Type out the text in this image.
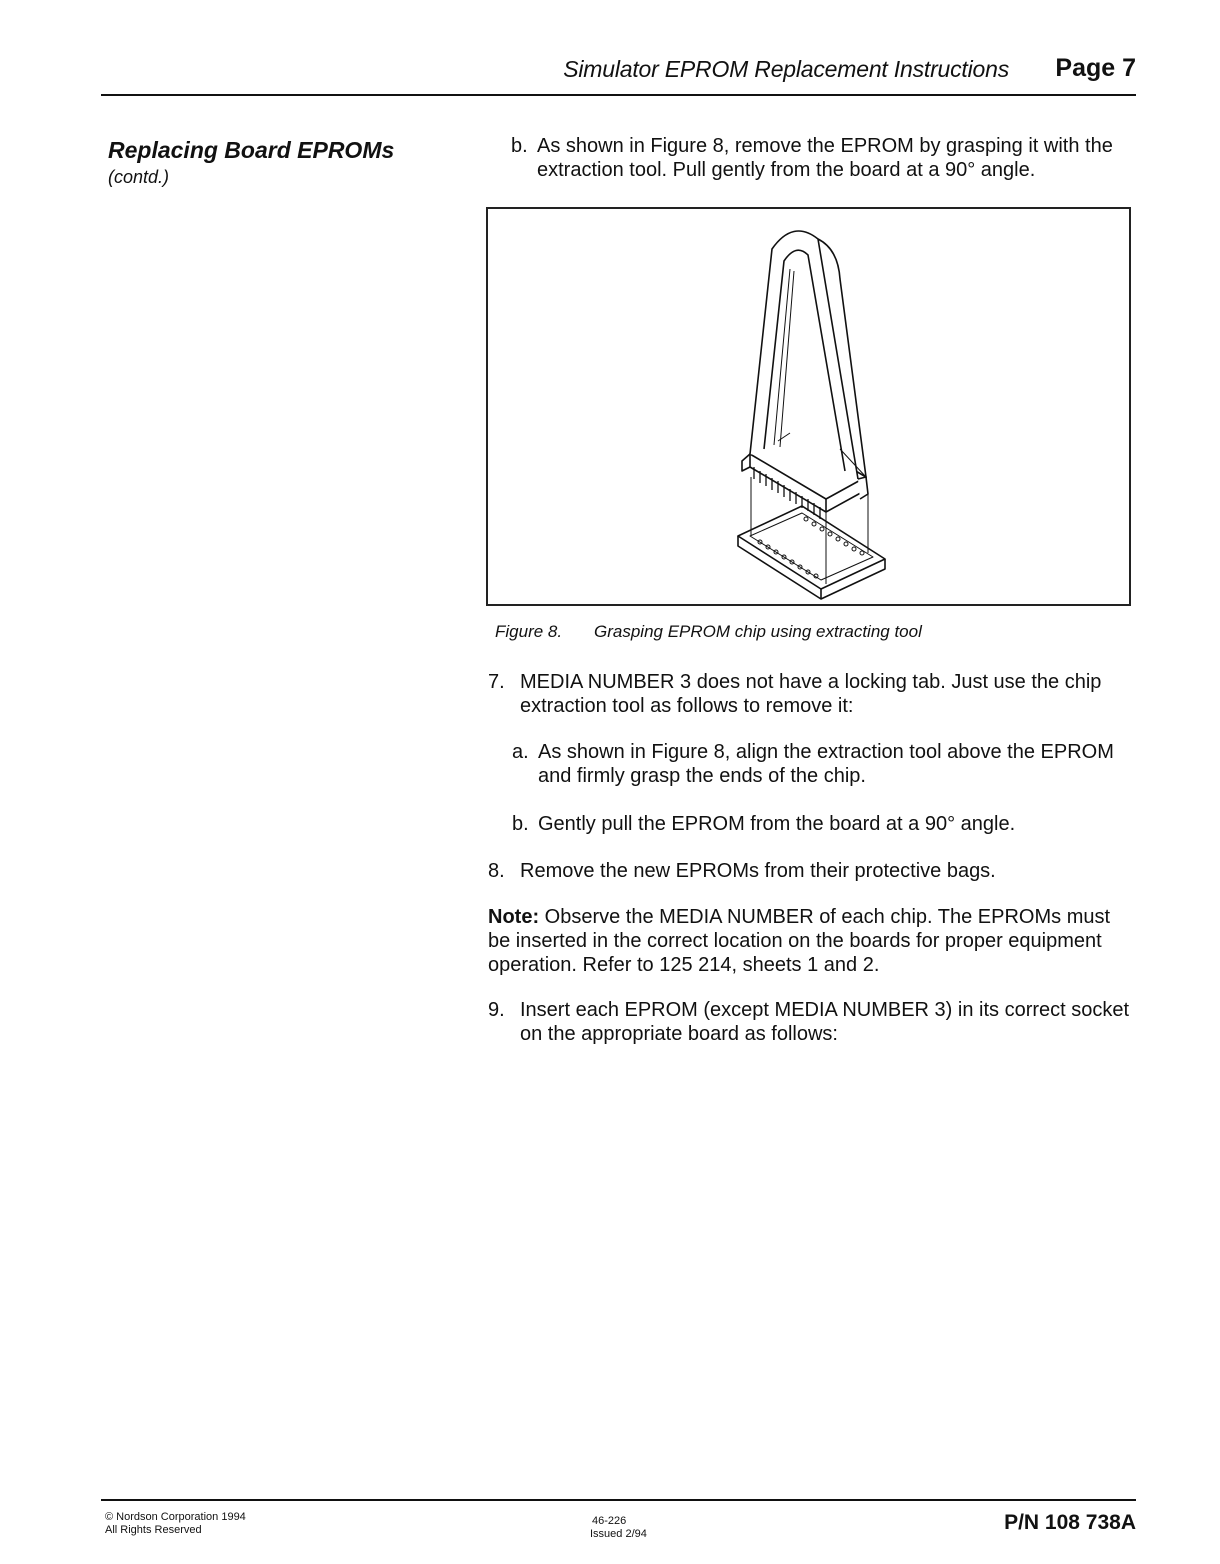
Simulator EPROM Replacement Instructions Page 7
Replacing Board EPROMs
(contd.)
b. As shown in Figure 8, remove the EPROM by grasping it with the extraction tool. Pull gently from the board at a 90° angle.
Figure 8. Grasping EPROM chip using extracting tool
7. MEDIA NUMBER 3 does not have a locking tab. Just use the chip extraction tool as follows to remove it:
a. As shown in Figure 8, align the extraction tool above the EPROM and firmly grasp the ends of the chip.
b. Gently pull the EPROM from the board at a 90° angle.
8. Remove the new EPROMs from their protective bags.
Note: Observe the MEDIA NUMBER of each chip. The EPROMs must be inserted in the correct location on the boards for proper equipment operation. Refer to 125 214, sheets 1 and 2.
9. Insert each EPROM (except MEDIA NUMBER 3) in its correct socket on the appropriate board as follows:
© Nordson Corporation 1994
All Rights Reserved
46-226
Issued 2/94	P/N 108 738A
